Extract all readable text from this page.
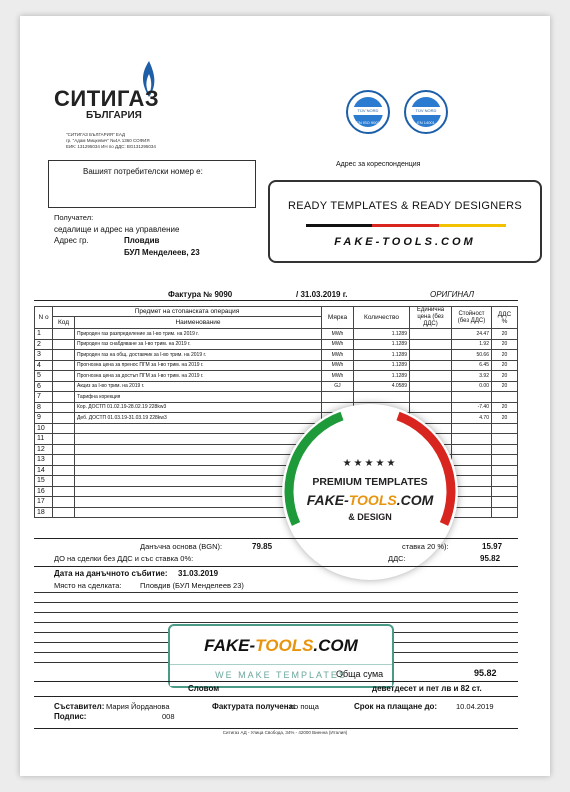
СИТИГАЗ
БЪЛГАРИЯ
"СИТИГАЗ БЪЛГАРИЯ" ЕАД
гр. "Адам Мицкевич" №4А 1360 СОФИЯ
ЕИК: 131295034 ИН по ДДС: BG131295034
TÜV NORD
EN ISO 9001
TÜV NORD
EN 14001
Вашият потребителски номер е:
Адрес за кореспонденция
Получател:
седалище и адрес на управление
Адрес гр.	Пловдив
БУЛ Менделеев, 23
READY TEMPLATES & READY DESIGNERS
FAKE-TOOLS.COM
Фактура № 9090	/ 31.03.2019 г.	ОРИГИНАЛ
N о	Предмет на стопанската операция		Мярка	Количество	Единична цена (без ДДС)	Стойност (без ДДС)	ДДС %
	Код	Наименование					
1		Природен газ разпределение за I-во трим. на 2019 г.	MWh	1.1289		24.47	20
2		Природен газ снабдяване за I-во трим. на 2019 г.	MWh	1.1289		1.92	20
3		Природен газ на общ. доставчик за I-во трим. на 2019 г.	MWh	1.1289		50.66	20
4		Прогнозна цена за пренос ПГМ за I-во трим. на 2019 г.	MWh	1.1289		6.45	20
5		Прогнозна цена за достъп ПГМ за I-во трим. на 2019 г.	MWh	1.1289		3.92	20
6		Акциз за I-во трим. на 2019 г.	GJ	4.0589		0.00	20
7		Тарифна корекция					
8		Кор. ДОСТП 01.02.19-28.02.19 228kw3				-7.40	20
9		Деб. ДОСТП 01.03.19-31.03.19 228kw3				4.70	20
10							
11							
12							
13							
14							
15							
16							
17							
18							
★★★★★
PREMIUM TEMPLATES
FAKE-TOOLS.COM
& DESIGN
Данъчна основа (BGN):	79.85	ставка 20 %):	15.97
ДО на сделки без ДДС и със ставка 0%:	ДДС:	95.82
Дата на данъчното събитие: 31.03.2019
Място на сделката: Пловдив (БУЛ Менделеев 23)
FAKE-TOOLS.COM
WE MAKE TEMPLATES
Обща сума	95.82
Словом	деветдесет и пет лв и 82 ст.
Съставител: Мария Йорданова
Подпис:	008
Фактурата получена:
по поща	Срок на плащане до:	10.04.2019
Ситигаз АД - Улица Свобода, 34% - 42000 Виенна (Италия)
